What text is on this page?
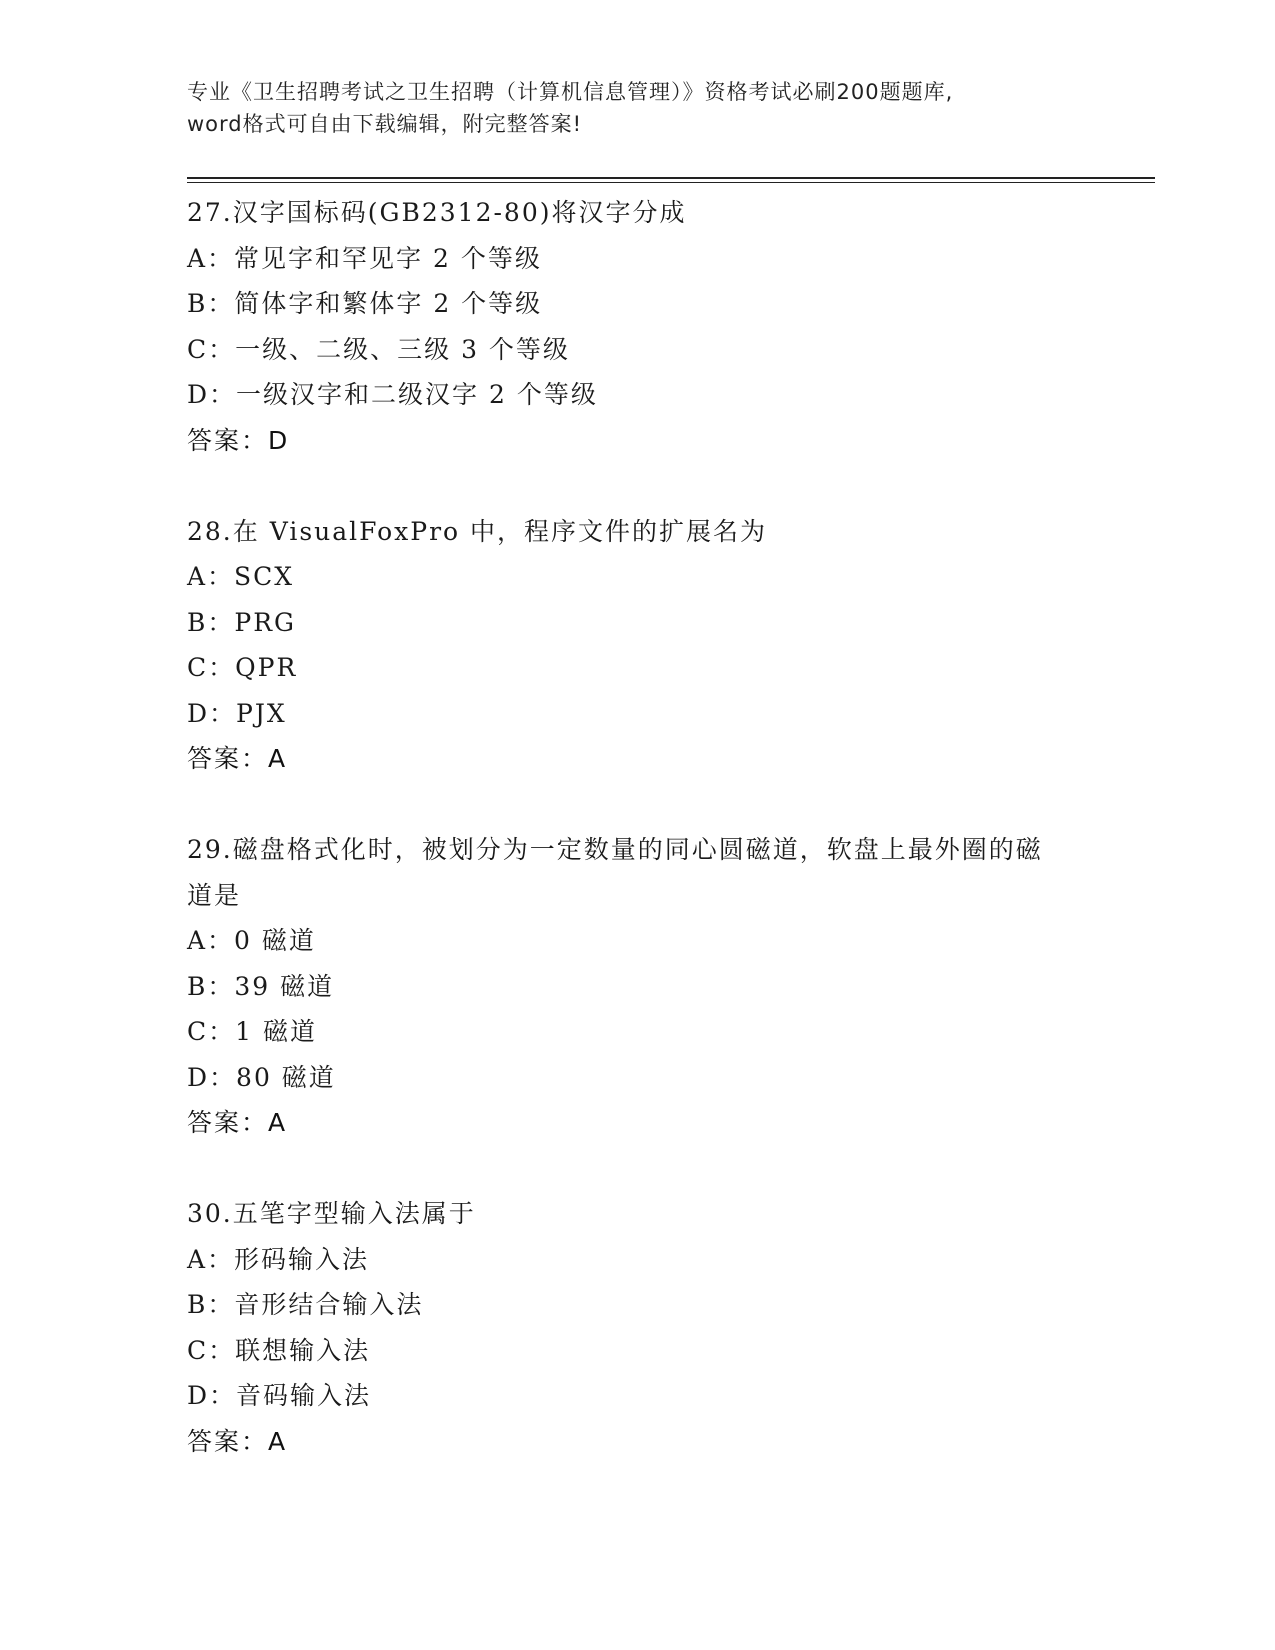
专业《卫生招聘考试之卫生招聘（计算机信息管理）》资格考试必刷200题题库,
word格式可自由下载编辑，附完整答案!
27.汉字国标码(GB2312-80)将汉字分成
A：常见字和罕见字 2 个等级
B：简体字和繁体字 2 个等级
C：一级、二级、三级 3 个等级
D：一级汉字和二级汉字 2 个等级
答案：D
28.在 VisualFoxPro 中，程序文件的扩展名为
A：SCX
B：PRG
C：QPR
D：PJX
答案：A
29.磁盘格式化时，被划分为一定数量的同心圆磁道，软盘上最外圈的磁道是
A：0 磁道
B：39 磁道
C：1 磁道
D：80 磁道
答案：A
30.五笔字型输入法属于
A：形码输入法
B：音形结合输入法
C：联想输入法
D：音码输入法
答案：A
